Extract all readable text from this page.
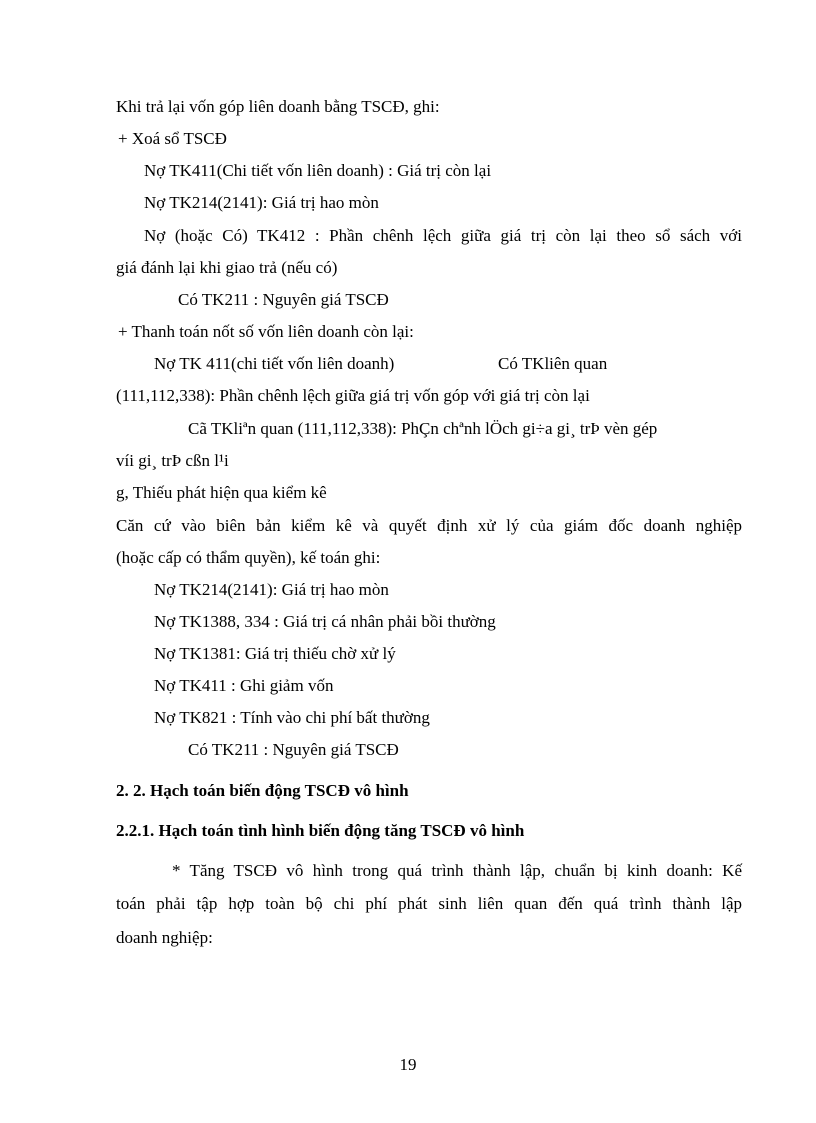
Khi trả lại vốn góp liên doanh bằng TSCĐ, ghi:
+ Xoá sổ TSCĐ
Nợ TK411(Chi tiết vốn liên doanh) : Giá trị còn lại
Nợ TK214(2141): Giá trị hao mòn
Nợ (hoặc Có) TK412 : Phần chênh lệch giữa giá trị còn lại theo sổ sách với
giá đánh lại khi giao trả (nếu có)
Có TK211 : Nguyên giá TSCĐ
+ Thanh toán nốt số vốn liên doanh còn lại:
Nợ TK 411(chi tiết vốn liên doanh)	Có TKliên quan
(111,112,338): Phần chênh lệch giữa giá trị vốn góp với giá trị còn lại
Cã TKliªn quan (111,112,338): PhÇn chªnh lÖch gi÷a gi¸ trÞ vèn gép
víi gi¸ trÞ cßn l¹i
g, Thiếu phát hiện qua kiểm kê
Căn cứ vào biên bản kiểm kê và quyết định xử lý của giám đốc doanh nghiệp
(hoặc cấp có thẩm quyền), kế toán ghi:
Nợ TK214(2141): Giá trị hao mòn
Nợ TK1388, 334 : Giá trị cá nhân phải bồi thường
Nợ TK1381: Giá trị thiếu chờ xử lý
Nợ TK411 : Ghi giảm vốn
Nợ TK821 : Tính vào chi phí bất thường
Có TK211 : Nguyên giá TSCĐ
2. 2. Hạch toán biến động TSCĐ vô hình
2.2.1. Hạch toán tình hình biến động tăng TSCĐ vô hình
* Tăng TSCĐ vô hình trong quá trình thành lập, chuẩn bị kinh doanh: Kế
toán phải tập hợp toàn bộ chi phí phát sinh liên quan đến quá trình thành lập
doanh nghiệp:
19
